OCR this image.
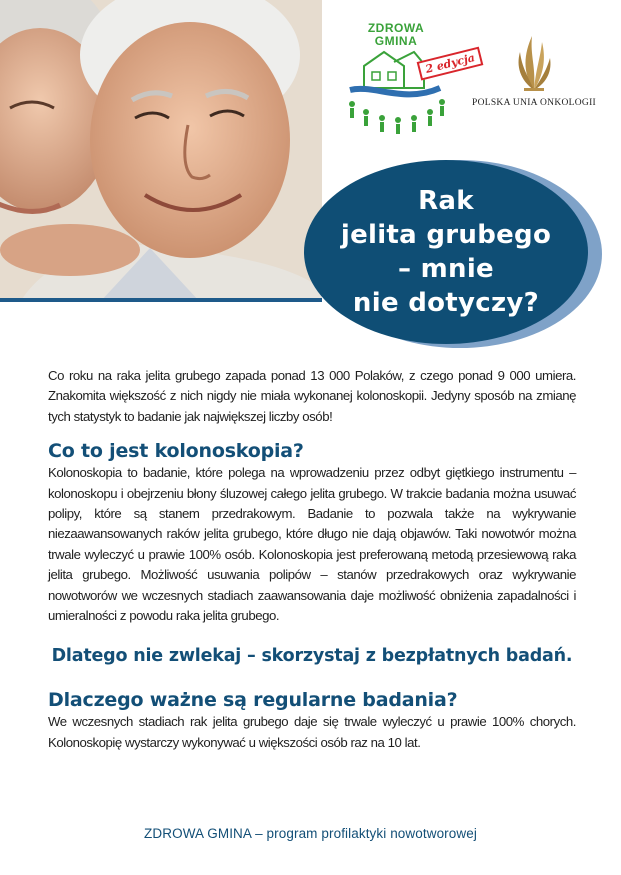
ZDROWA
GMINA
2 edycja
POLSKA UNIA ONKOLOGII
Rak
jelita grubego
– mnie
nie dotyczy?

Co roku na raka jelita grubego zapada ponad 13 000 Polaków, z czego ponad 9 000 umiera. Znakomita większość z nich nigdy nie miała wykonanej kolonoskopii. Jedyny sposób na zmianę tych statystyk to badanie jak największej liczby osób!

Co to jest kolonoskopia?

Kolonoskopia to badanie, które polega na wprowadzeniu przez odbyt giętkiego instrumentu – kolonoskopu i obejrzeniu błony śluzowej całego jelita grubego. W trakcie badania można usuwać polipy, które są stanem przedrakowym. Badanie to pozwala także na wykrywanie niezaawansowanych raków jelita grubego, które długo nie dają objawów. Taki nowotwór można trwale wyleczyć u prawie 100% osób. Kolonoskopia jest preferowaną metodą przesiewową raka jelita grubego. Możliwość usuwania polipów – stanów przedrakowych oraz wykrywanie nowotworów we wczesnych stadiach zaawansowania daje możliwość obniżenia zapadalności i umieralności z powodu raka jelita grubego.

Dlatego nie zwlekaj – skorzystaj z bezpłatnych badań.
Dlaczego ważne są regularne badania?

We wczesnych stadiach rak jelita grubego daje się trwale wyleczyć u prawie 100% chorych. Kolonoskopię wystarczy wykonywać u większości osób raz na 10 lat.

ZDROWA GMINA – program profilaktyki nowotworowej
